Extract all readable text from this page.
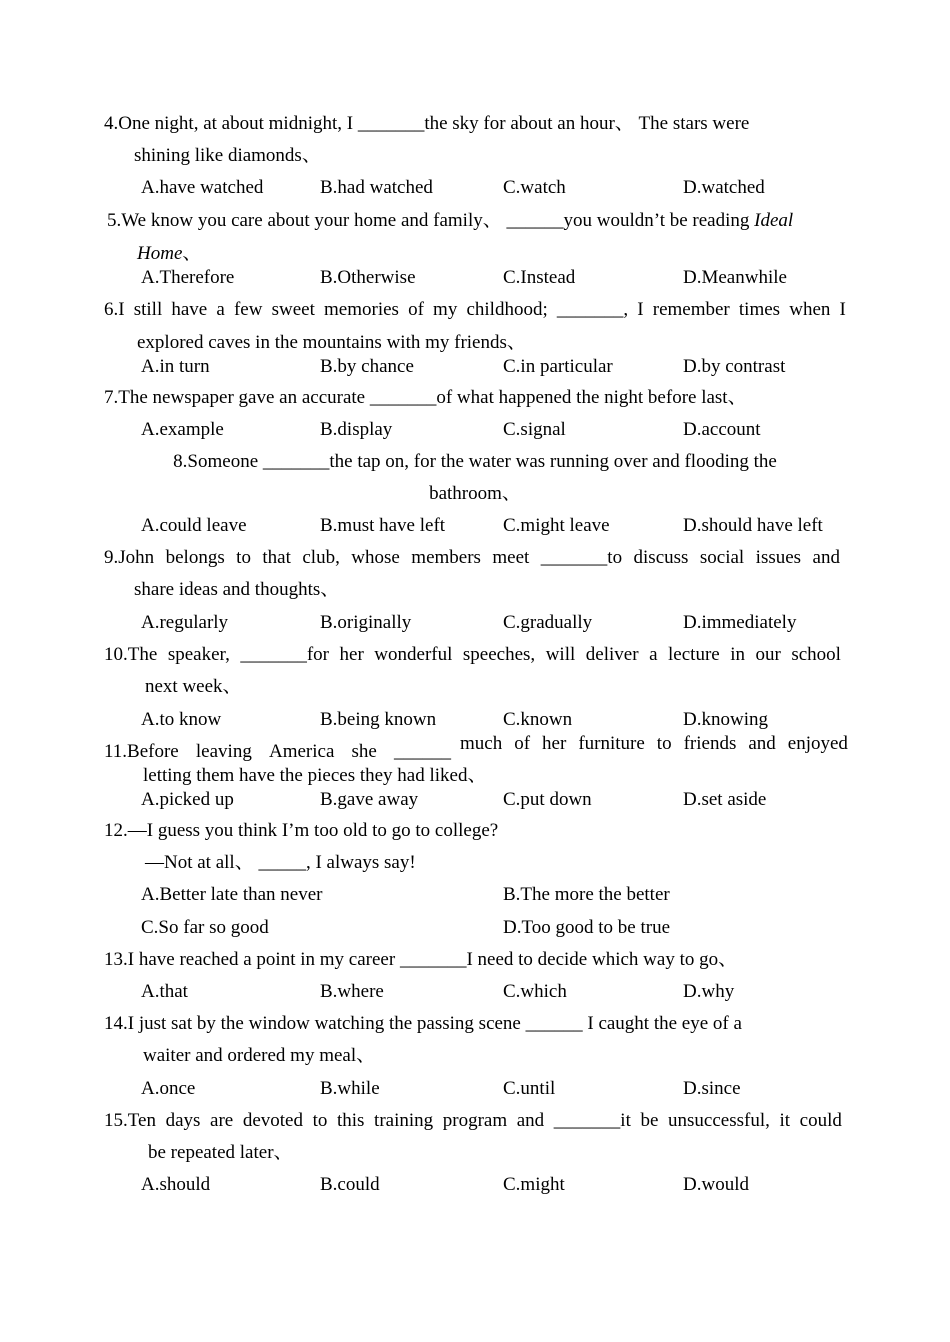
4.One night, at about midnight, I _______the sky for about an hour、 The stars were
shining like diamonds、
A.have watched	B.had watched	C.watch	D.watched
5.We know you care about your home and family、 ______you wouldn’t be reading Ideal
Home、
A.Therefore	B.Otherwise	C.Instead	D.Meanwhile
6.I still have a few sweet memories of my childhood; _______, I remember times when I
explored caves in the mountains with my friends、
A.in turn	B.by chance	C.in particular	D.by contrast
7.The newspaper gave an accurate _______of what happened the night before last、
A.example	B.display	C.signal	D.account
8.Someone _______the tap on, for the water was running over and flooding the
bathroom、
A.could leave	B.must have left	C.might leave	D.should have left
9.John belongs to that club, whose members meet _______to discuss social issues and
share ideas and thoughts、
A.regularly	B.originally	C.gradually	D.immediately
10.The speaker, _______for her wonderful speeches, will deliver a lecture in our school
next week、
A.to know	B.being known	C.known	D.knowing
11.Before leaving America she ______ much of her furniture to friends and enjoyed
letting them have the pieces they had liked、
A.picked up	B.gave away	C.put down	D.set aside
12.—I guess you think I’m too old to go to college?
—Not at all、 _____, I always say!
A.Better late than never	B.The more the better
C.So far so good	D.Too good to be true
13.I have reached a point in my career _______I need to decide which way to go、
A.that	B.where	C.which	D.why
14.I just sat by the window watching the passing scene ______ I caught the eye of a
waiter and ordered my meal、
A.once	B.while	C.until	D.since
15.Ten days are devoted to this training program and _______it be unsuccessful, it could
be repeated later、
A.should	B.could	C.might	D.would
